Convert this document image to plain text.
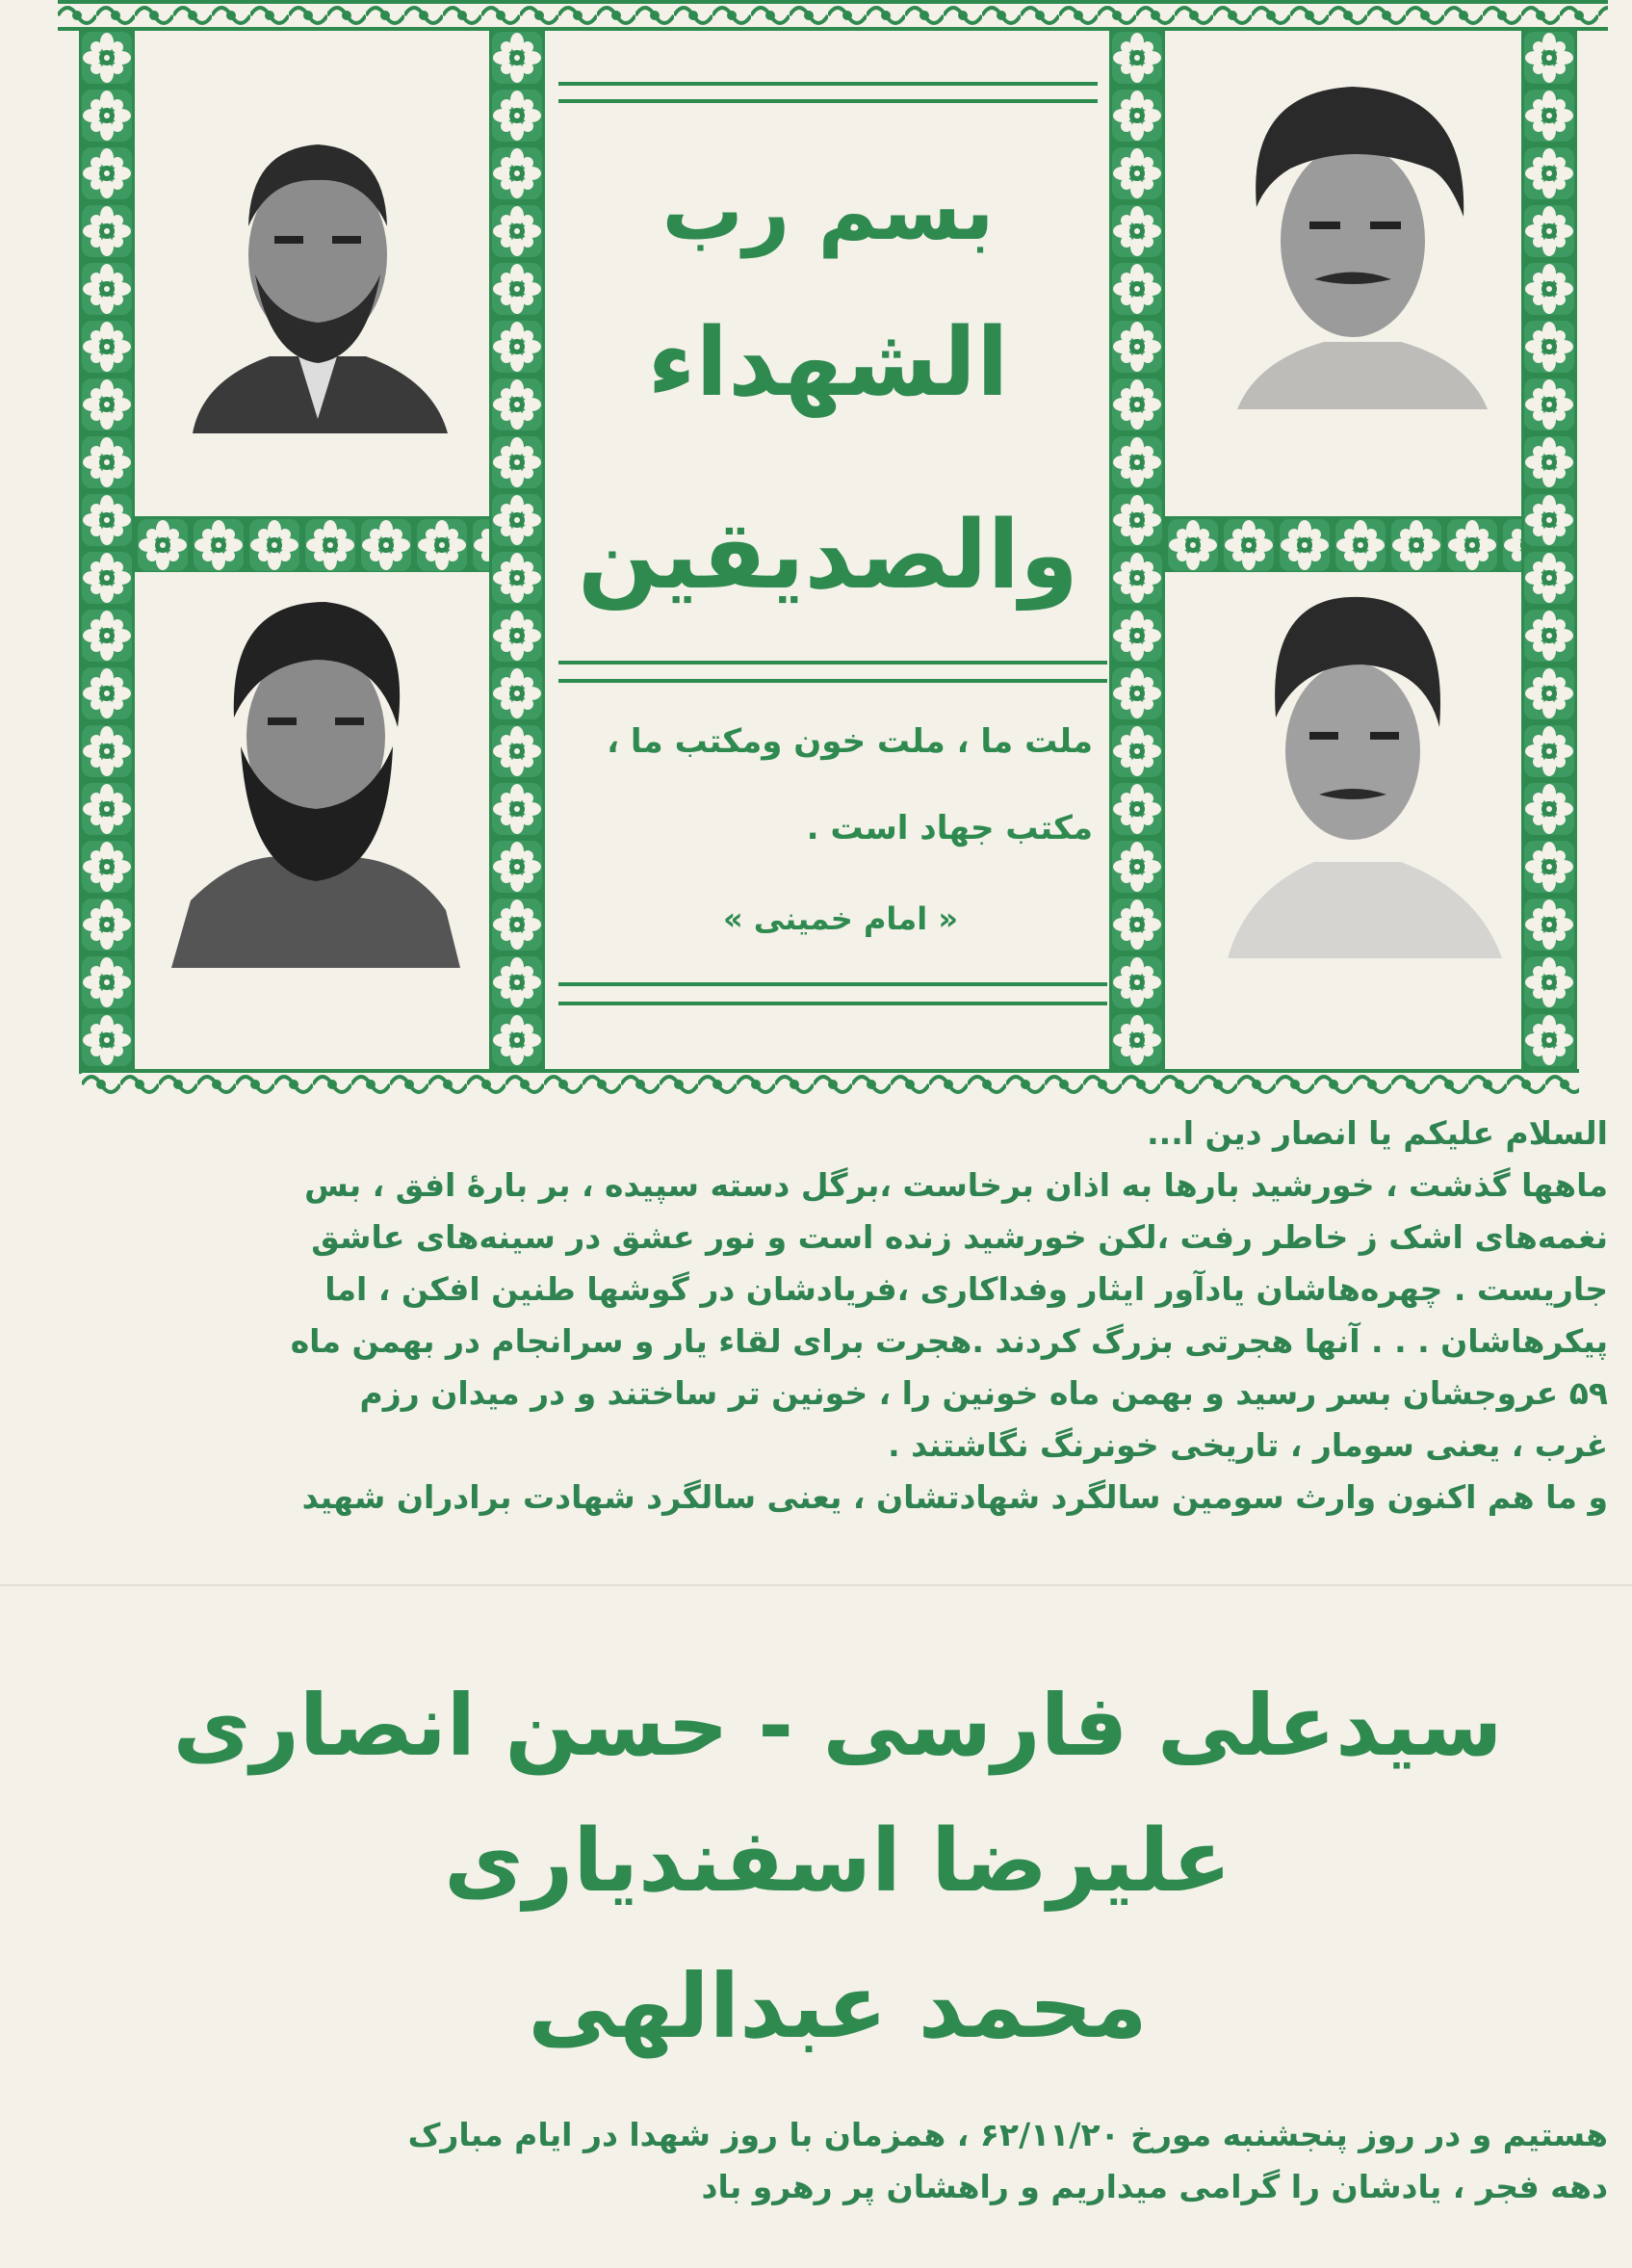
بسم رب
الشهداء
والصدیقین
ملت ما ، ملت خون ومکتب ما ،
مکتب جهاد است .
« امام خمینی »

السلام علیکم یا انصار دین ا...

ماهها گذشت ، خورشید بارها به اذان برخاست ،برگل دسته سپیده ، بر بارهٔ افق ، بس

نغمه‌های اشک ز خاطر رفت ،لکن خورشید زنده است و نور عشق در سینه‌های عاشق

جاریست . چهره‌هاشان یادآور ایثار وفداکاری ،فریادشان در گوشها طنین افکن ، اما

پیکرهاشان . . . آنها هجرتی بزرگ کردند .هجرت برای لقاء یار و سرانجام در بهمن ماه

۵۹ عروجشان بسر رسید و بهمن ماه خونین را ، خونین تر ساختند و در میدان رزم

غرب ، یعنی سومار ، تاریخی خونرنگ نگاشتند .

و ما هم اکنون وارث سومین سالگرد شهادتشان ، یعنی سالگرد شهادت برادران شهید

سیدعلی فارسی - حسن انصاری
علیرضا اسفندیاری
محمد عبدالهی

هستیم و در روز پنجشنبه مورخ ۶۲/۱۱/۲۰ ، همزمان با روز شهدا در ایام مبارک

دهه فجر ، یادشان را گرامی میداریم و راهشان پر رهرو باد
